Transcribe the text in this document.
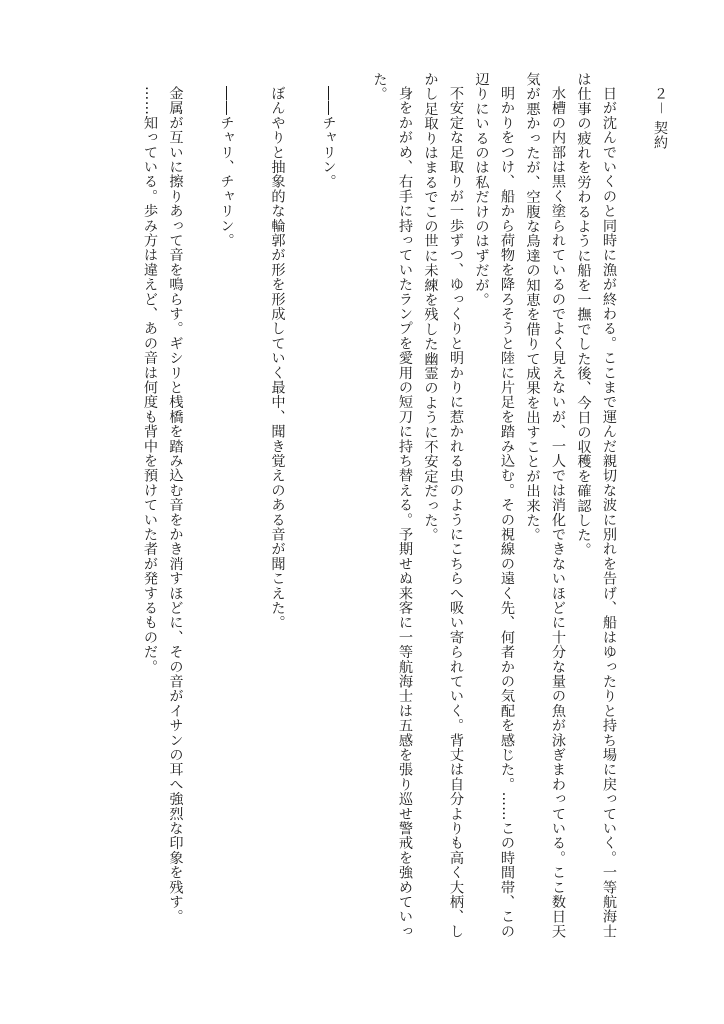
２－ 契約

日が沈んでいくのと同時に漁が終わる。ここまで運んだ親切な波に別れを告げ、船はゆったりと持ち場に戻っていく。一等航海士は仕事の疲れを労わるように船を一撫でした後、今日の収穫を確認した。

水槽の内部は黒く塗られているのでよく見えないが、一人では消化できないほどに十分な量の魚が泳ぎまわっている。ここ数日天気が悪かったが、空腹な鳥達の知恵を借りて成果を出すことが出来た。

明かりをつけ、船から荷物を降ろそうと陸に片足を踏み込む。その視線の遠く先、何者かの気配を感じた。……この時間帯、この辺りにいるのは私だけのはずだが。

不安定な足取りが一歩ずつ、ゆっくりと明かりに惹かれる虫のようにこちらへ吸い寄られていく。背丈は自分よりも高く大柄、しかし足取りはまるでこの世に未練を残した幽霊のように不安定だった。

身をかがめ、右手に持っていたランプを愛用の短刀に持ち替える。予期せぬ来客に一等航海士は五感を張り巡せ警戒を強めていった。

――チャリン。

ぼんやりと抽象的な輪郭が形を形成していく最中、聞き覚えのある音が聞こえた。

――チャリ、チャリン。

金属が互いに擦りあって音を鳴らす。ギシリと桟橋を踏み込む音をかき消すほどに、その音がイサンの耳へ強烈な印象を残す。

……知っている。歩み方は違えど、あの音は何度も背中を預けていた者が発するものだ。
